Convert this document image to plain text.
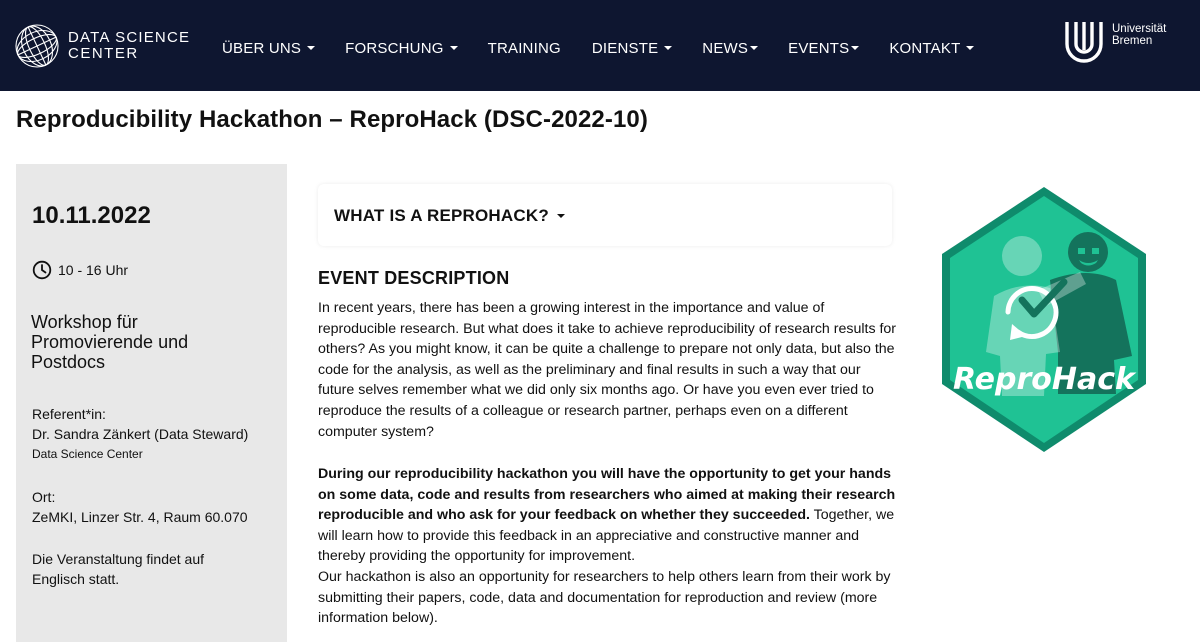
DATA SCIENCE
CENTER	ÜBER UNS	FORSCHUNG	TRAINING DIENSTE	NEWS	EVENTS	KONTAKT
Universität
Bremen
Reproducibility Hackathon – ReproHack (DSC-2022-10)
10.11.2022
10 - 16 Uhr
Workshop für Promovierende und Postdocs
Referent*in:
Dr. Sandra Zänkert (Data Steward)
Data Science Center
Ort:
ZeMKI, Linzer Str. 4, Raum 60.070
Die Veranstaltung findet auf Englisch statt.
WHAT IS A REPROHACK?
EVENT DESCRIPTION

In recent years, there has been a growing interest in the importance and value of reproducible research. But what does it take to achieve reproducibility of research results for others? As you might know, it can be quite a challenge to prepare not only data, but also the code for the analysis, as well as the preliminary and final results in such a way that our future selves remember what we did only six months ago. Or have you even ever tried to reproduce the results of a colleague or research partner, perhaps even on a different computer system?

During our reproducibility hackathon you will have the opportunity to get your hands on some data, code and results from researchers who aimed at making their research reproducible and who ask for your feedback on whether they succeeded. Together, we will learn how to provide this feedback in an appreciative and constructive manner and thereby providing the opportunity for improvement.

Our hackathon is also an opportunity for researchers to help others learn from their work by submitting their papers, code, data and documentation for reproduction and review (more information below).

ReproHack
